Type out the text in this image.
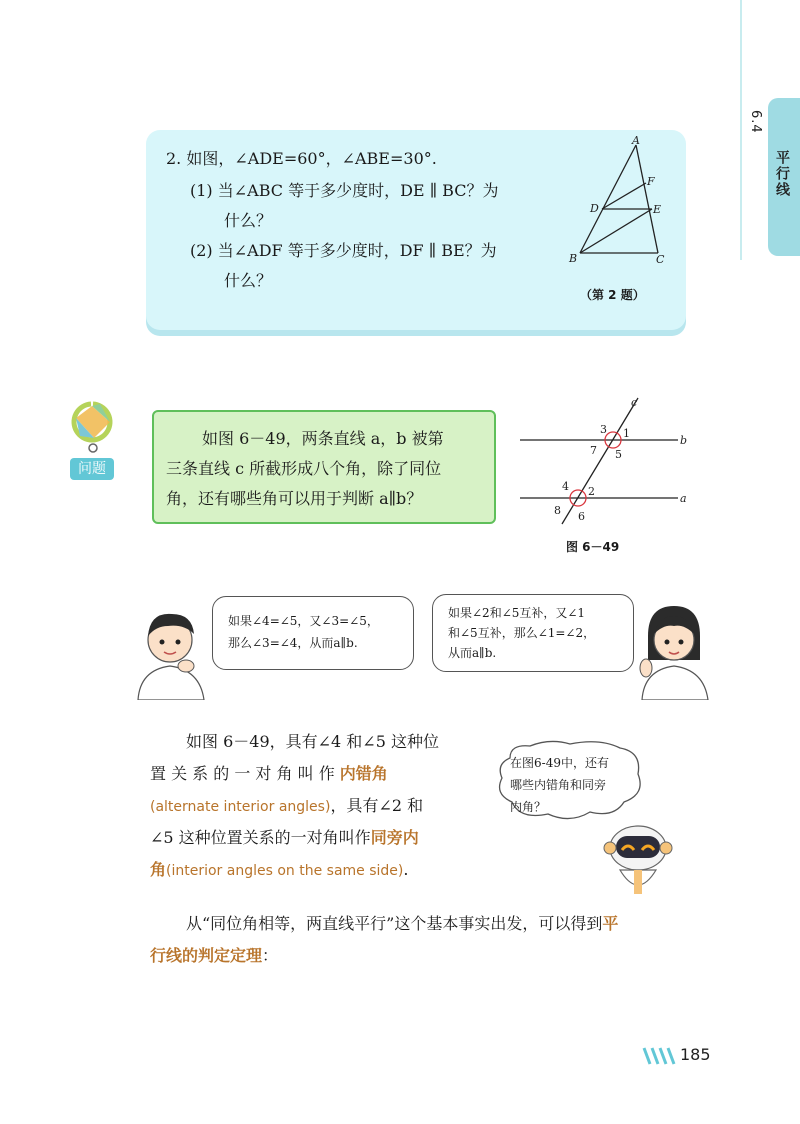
6.4
平行线
2. 如图，∠ADE=60°，∠ABE=30°.
(1) 当∠ABC 等于多少度时，DE ∥ BC？为
什么？
(2) 当∠ADF 等于多少度时，DF ∥ BE？为
什么？
A
B	C
D	E
F
（第 2 题）
问题
如图 6－49，两条直线 a，b 被第
三条直线 c 所截形成八个角，除了同位
角，还有哪些角可以用于判断 a∥b？
c
b
a
1
3
7 5
2
4
8 6
图 6－49
如果∠4=∠5，又∠3=∠5，
那么∠3=∠4，从而a∥b.
如果∠2和∠5互补，又∠1
和∠5互补，那么∠1=∠2，
从而a∥b.
如图 6－49，具有∠4 和∠5 这种位
置 关 系 的 一 对 角 叫 作 内错角
(alternate interior angles)，具有∠2 和
∠5 这种位置关系的一对角叫作同旁内
角(interior angles on the same side).
在图6-49中，还有
哪些内错角和同旁
内角？
从“同位角相等，两直线平行”这个基本事实出发，可以得到平
行线的判定定理：
185
